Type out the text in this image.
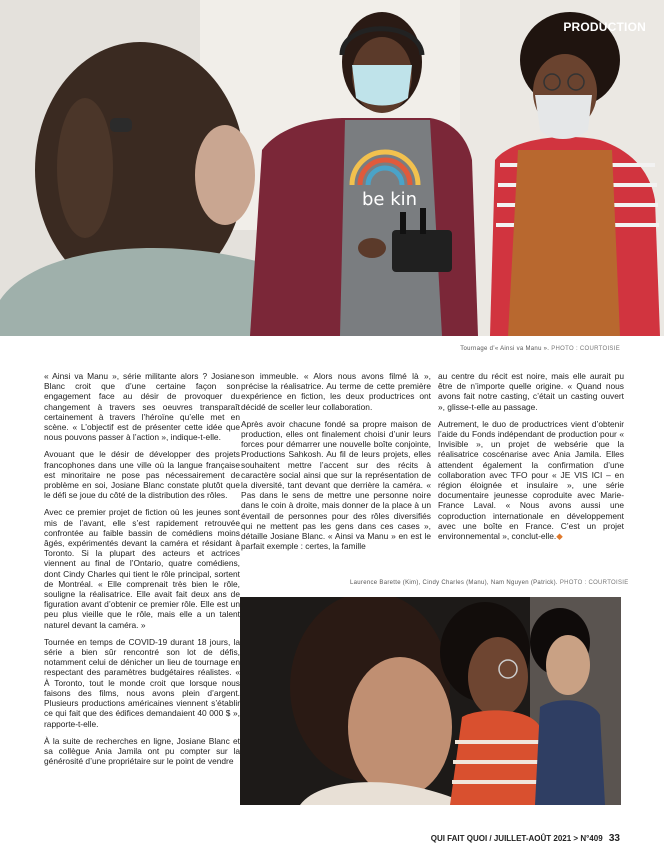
be kin
PRODUCTION
Tournage d’« Ainsi va Manu ». PHOTO : COURTOISIE

« Ainsi va Manu », série militante alors ? Josiane Blanc croit que d’une certaine façon son engagement face au désir de provoquer du changement à travers ses oeuvres transparaît certainement à travers l’héroïne qu’elle met en scène. « L’objectif est de présenter cette idée que nous pouvons passer à l’action », indique-t-elle.

Avouant que le désir de développer des projets francophones dans une ville où la langue française est minoritaire ne pose pas nécessairement de problème en soi, Josiane Blanc constate plutôt que le défi se joue du côté de la distribution des rôles.

Avec ce premier projet de fiction où les jeunes sont mis de l’avant, elle s’est rapidement retrouvée confrontée au faible bassin de comédiens moins âgés, expérimentés devant la caméra et résidant à Toronto. Si la plupart des acteurs et actrices viennent au final de l’Ontario, quatre comédiens, dont Cindy Charles qui tient le rôle principal, sortent de Montréal. « Elle comprenait très bien le rôle, souligne la réalisatrice. Elle avait fait deux ans de figuration avant d’obtenir ce premier rôle. Elle est un peu plus vieille que le rôle, mais elle a un talent naturel devant la caméra. »

Tournée en temps de COVID-19 durant 18 jours, la série a bien sûr rencontré son lot de défis, notamment celui de dénicher un lieu de tournage en respectant des paramètres budgétaires réalistes. « À Toronto, tout le monde croit que lorsque nous faisons des films, nous avons plein d’argent. Plusieurs productions américaines viennent s’établir ce qui fait que des édifices demandaient 40 000 $ », rapporte-t-elle.

À la suite de recherches en ligne, Josiane Blanc et sa collègue Ania Jamila ont pu compter sur la générosité d’une propriétaire sur le point de vendre

son immeuble. « Alors nous avons filmé là », précise la réalisatrice. Au terme de cette première expérience en fiction, les deux productrices ont décidé de sceller leur collaboration.

Après avoir chacune fondé sa propre maison de production, elles ont finalement choisi d’unir leurs forces pour démarrer une nouvelle boîte conjointe, Productions Sahkosh. Au fil de leurs projets, elles souhaitent mettre l’accent sur des récits à caractère social ainsi que sur la représentation de la diversité, tant devant que derrière la caméra. « Pas dans le sens de mettre une personne noire dans le coin à droite, mais donner de la place à un éventail de personnes pour des rôles diversifiés qui ne mettent pas les gens dans ces cases », détaille Josiane Blanc. « Ainsi va Manu » en est le parfait exemple : certes, la famille

au centre du récit est noire, mais elle aurait pu être de n’importe quelle origine. « Quand nous avons fait notre casting, c’était un casting ouvert », glisse-t-elle au passage.

Autrement, le duo de productrices vient d’obtenir l’aide du Fonds indépendant de production pour « Invisible », un projet de websérie que la réalisatrice coscénarise avec Ania Jamila. Elles attendent également la confirmation d’une collaboration avec TFO pour « JE VIS ICI – en région éloignée et insulaire », une série documentaire jeunesse coproduite avec Marie-France Laval. « Nous avons aussi une coproduction internationale en développement avec une boîte en France. C’est un projet environnemental », conclut-elle.◆

Laurence Barette (Kim), Cindy Charles (Manu), Nam Nguyen (Patrick). PHOTO : COURTOISIE
QUI FAIT QUOI / JUILLET-AOÛT 2021 > N°409 33
